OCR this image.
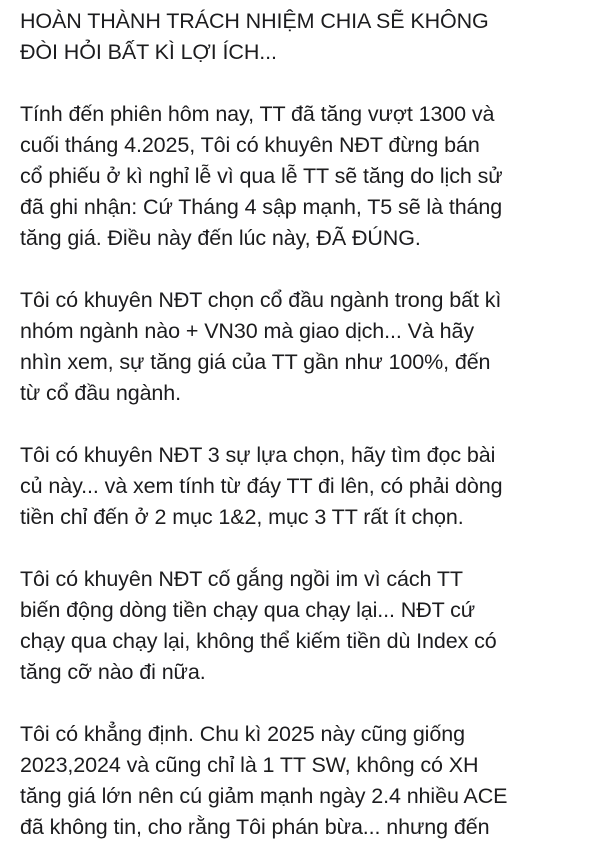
HOÀN THÀNH TRÁCH NHIỆM CHIA SẼ KHÔNG
ĐÒI HỎI BẤT KÌ LỢI ÍCH...

Tính đến phiên hôm nay, TT đã tăng vượt 1300 và
cuối tháng 4.2025, Tôi có khuyên NĐT đừng bán
cổ phiếu ở kì nghỉ lễ vì qua lễ TT sẽ tăng do lịch sử
đã ghi nhận: Cứ Tháng 4 sập mạnh, T5 sẽ là tháng
tăng giá. Điều này đến lúc này, ĐÃ ĐÚNG.

Tôi có khuyên NĐT chọn cổ đầu ngành trong bất kì
nhóm ngành nào + VN30 mà giao dịch... Và hãy
nhìn xem, sự tăng giá của TT gần như 100%, đến
từ cổ đầu ngành.

Tôi có khuyên NĐT 3 sự lựa chọn, hãy tìm đọc bài
củ này... và xem tính từ đáy TT đi lên, có phải dòng
tiền chỉ đến ở 2 mục 1&2, mục 3 TT rất ít chọn.

Tôi có khuyên NĐT cố gắng ngồi im vì cách TT
biến động dòng tiền chạy qua chạy lại... NĐT cứ
chạy qua chạy lại, không thể kiếm tiền dù Index có
tăng cỡ nào đi nữa.

Tôi có khẳng định. Chu kì 2025 này cũng giống
2023,2024 và cũng chỉ là 1 TT SW, không có XH
tăng giá lớn nên cú giảm mạnh ngày 2.4 nhiều ACE
đã không tin, cho rằng Tôi phán bừa... nhưng đến
